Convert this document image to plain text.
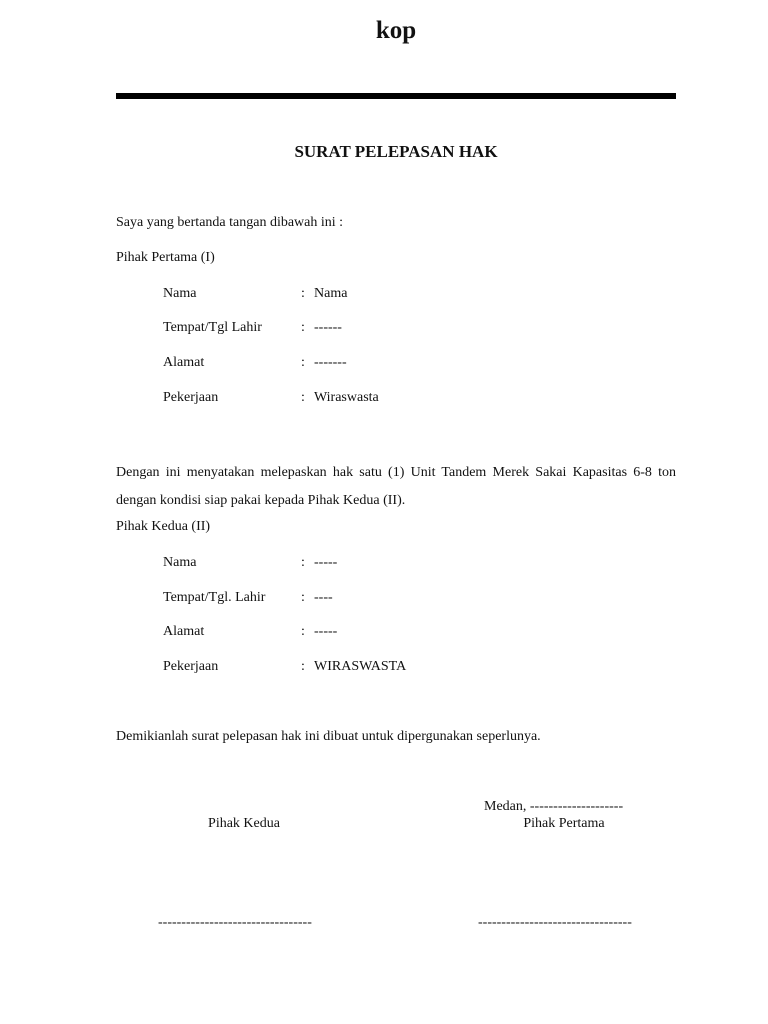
kop
SURAT PELEPASAN HAK
Saya yang bertanda tangan dibawah ini :
Pihak Pertama (I)
Nama	: Nama
Tempat/Tgl Lahir	: ------
Alamat	: -------
Pekerjaan	: Wiraswasta
Dengan ini menyatakan melepaskan hak satu (1) Unit Tandem Merek Sakai Kapasitas 6-8 ton dengan kondisi siap pakai kepada Pihak Kedua (II).
Pihak Kedua (II)
Nama	: -----
Tempat/Tgl. Lahir	: ----
Alamat	: -----
Pekerjaan	: WIRASWASTA
Demikianlah surat pelepasan hak ini dibuat untuk dipergunakan seperlunya.
Medan, --------------------
Pihak Kedua	Pihak Pertama
---------------------------------	---------------------------------
